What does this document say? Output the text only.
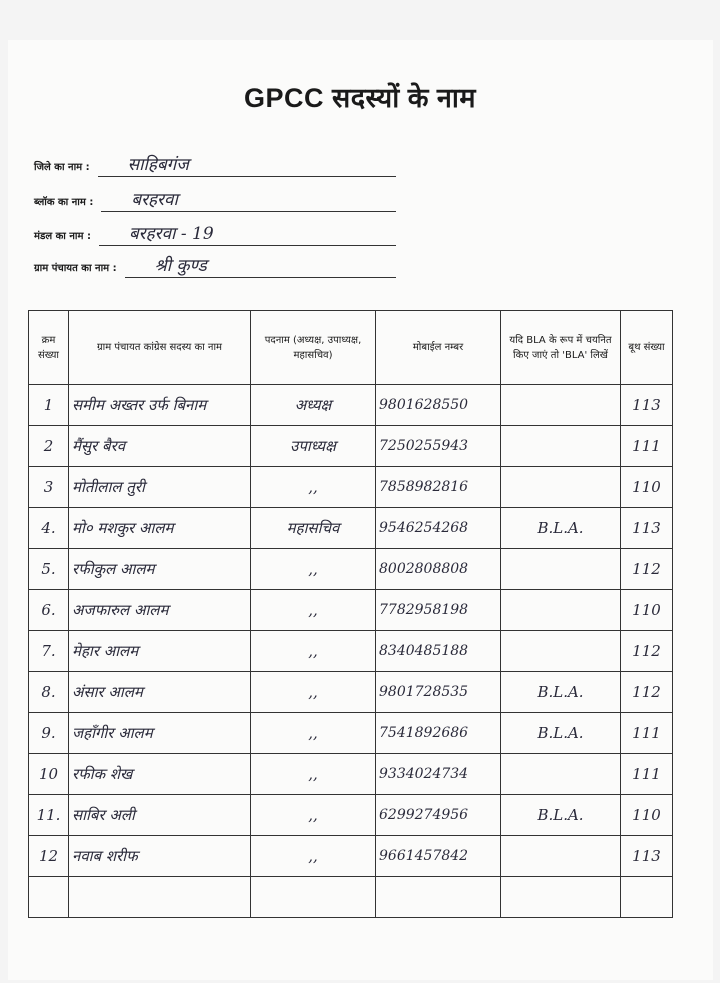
GPCC सदस्यों के नाम
जिले का नाम :	साहिबगंज
ब्लॉक का नाम :	बरहरवा
मंडल का नाम :	बरहरवा - 19
ग्राम पंचायत का नाम :	श्री कुण्ड
क्रम संख्या	ग्राम पंचायत कांग्रेस सदस्य का नाम	पदनाम (अध्यक्ष, उपाध्यक्ष, महासचिव)	मोबाईल नम्बर	यदि BLA के रूप में चयनित किए जाएं तो 'BLA' लिखें	बूथ संख्या
1	समीम अख्तर उर्फ बिनाम	अध्यक्ष	9801628550		113
2	मैंसुर बैरव	उपाध्यक्ष	7250255943		111
3	मोतीलाल तुरी	,,	7858982816		110
4.	मो० मशकुर आलम	महासचिव	9546254268	B.L.A.	113
5.	रफीकुल आलम	,,	8002808808		112
6.	अजफारुल आलम	,,	7782958198		110
7.	मेहार आलम	,,	8340485188		112
8.	अंसार आलम	,,	9801728535	B.L.A.	112
9.	जहाँगीर आलम	,,	7541892686	B.L.A.	111
10	रफीक शेख	,,	9334024734		111
11.	साबिर अली	,,	6299274956	B.L.A.	110
12	नवाब शरीफ	,,	9661457842		113
